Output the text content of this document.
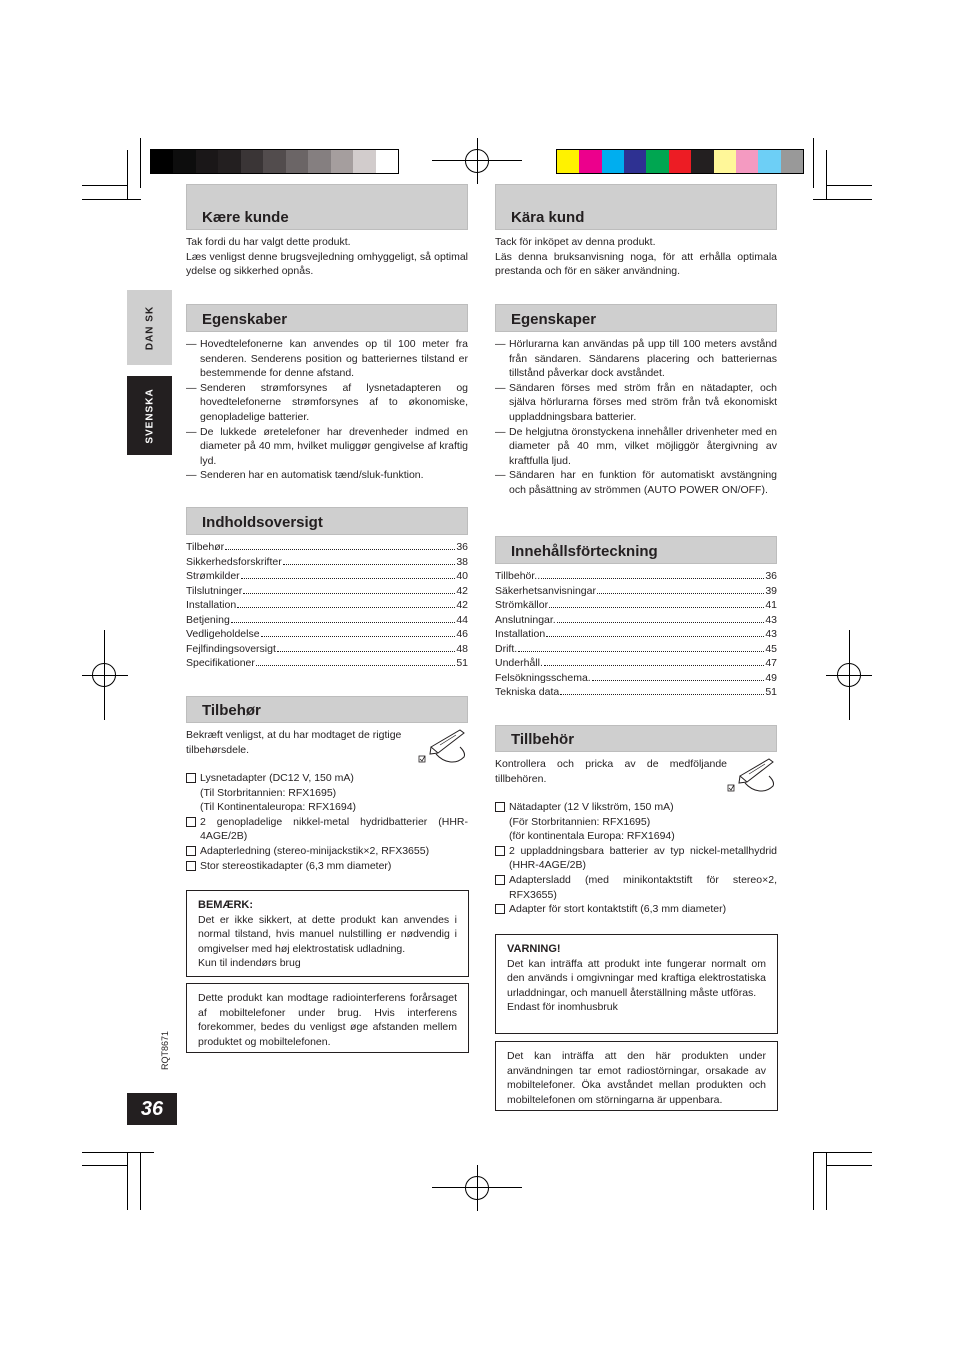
DAN SK
SVENSKA
Kære kunde

Tak fordi du har valgt dette produkt.

Læs venligst denne brugsvejledning omhyggeligt, så optimal ydelse og sikkerhed opnås.

Egenskaber
— Hovedtelefonerne kan anvendes op til 100 meter fra senderen. Senderens position og batteriernes tilstand er bestemmende for denne afstand.
— Senderen strømforsynes af lysnetadapteren og hovedtelefonerne strømforsynes af to økonomiske, genopladelige batterier.
— De lukkede øretelefoner har drevenheder indmed en diameter på 40 mm, hvilket muliggør gengivelse af kraftig lyd.
— Senderen har en automatisk tænd/sluk-funktion.
Indholdsoversigt
Tilbehør	36
Sikkerhedsforskrifter	38
Strømkilder	40
Tilslutninger	42
Installation	42
Betjening	44
Vedligeholdelse	46
Fejlfindingsoversigt	48
Specifikationer	51
Tilbehør

Bekræft venligst, at du har modtaget de rigtige tilbehørsdele.

Lysnetadapter (DC12 V, 150 mA)
(Til Storbritannien: RFX1695)
(Til Kontinentaleuropa: RFX1694)
2 genopladelige nikkel-metal hydridbatterier (HHR-4AGE/2B)
Adapterledning (stereo-minijackstik×2, RFX3655)
Stor stereostikadapter (6,3 mm diameter)
BEMÆRK:
Det er ikke sikkert, at dette produkt kan anvendes i normal tilstand, hvis manuel nulstilling er nødvendig i omgivelser med høj elektrostatisk udladning.
Kun til indendørs brug
Dette produkt kan modtage radiointerferens forårsaget af mobiltelefoner under brug. Hvis interferens forekommer, bedes du venligst øge afstanden mellem produktet og mobiltelefonen.
Kära kund

Tack för inköpet av denna produkt.

Läs denna bruksanvisning noga, för att erhålla optimala prestanda och för en säker användning.

Egenskaper
— Hörlurarna kan användas på upp till 100 meters avstånd från sändaren. Sändarens placering och batteriernas tillstånd påverkar dock avståndet.
— Sändaren förses med ström från en nätadapter, och själva hörlurarna förses med ström från två ekonomiskt uppladdningsbara batterier.
— De helgjutna öronstyckena innehåller drivenheter med en diameter på 40 mm, vilket möjliggör återgivning av kraftfulla ljud.
— Sändaren har en funktion för automatiskt avstängning och påsättning av strömmen (AUTO POWER ON/OFF).
Innehållsförteckning
Tillbehör..	36
Säkerhetsanvisningar	39
Strömkällor	41
Anslutningar.	43
Installation	43
Drift.	45
Underhåll.	47
Felsökningsschema.	49
Tekniska data	51
Tillbehör

Kontrollera och pricka av de medföljande tillbehören.

Nätadapter (12 V likström, 150 mA)
(För Storbritannien: RFX1695)
(för kontinentala Europa: RFX1694)
2 uppladdningsbara batterier av typ nickel-metallhydrid (HHR-4AGE/2B)
Adaptersladd (med minikontaktstift för stereo×2, RFX3655)
Adapter för stort kontaktstift (6,3 mm diameter)
VARNING!
Det kan inträffa att produkt inte fungerar normalt om den används i omgivningar med kraftiga elektrostatiska urladdningar, och manuell återställning måste utföras.
Endast för inomhusbruk
Det kan inträffa att den här produkten under användningen tar emot radiostörningar, orsakade av mobiltelefoner. Öka avståndet mellan produkten och mobiltelefonen om störningarna är uppenbara.
RQT8671
36
